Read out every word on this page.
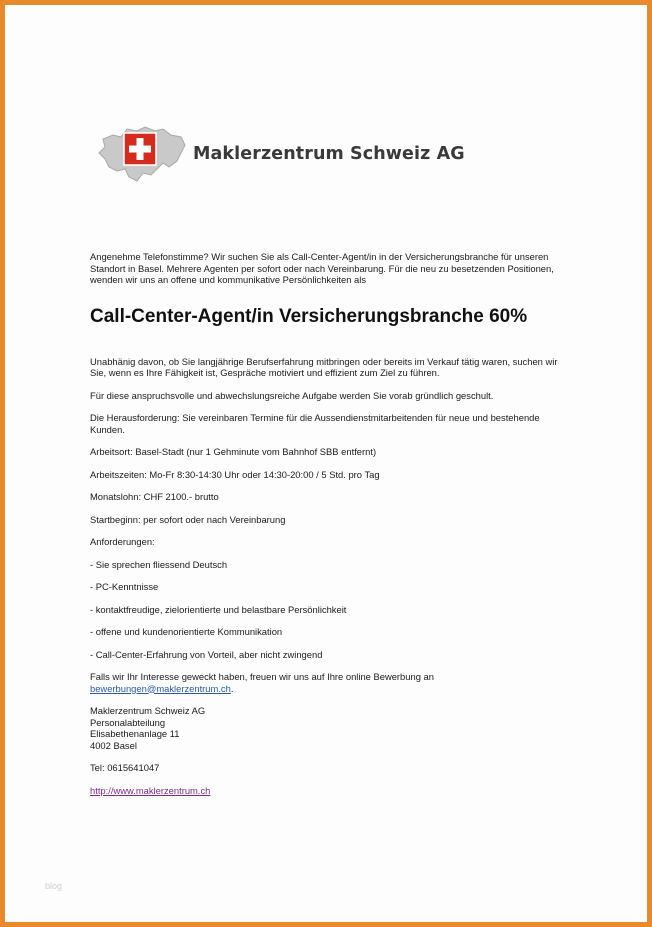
Maklerzentrum Schweiz AG

Angenehme Telefonstimme? Wir suchen Sie als Call-Center-Agent/in in der Versicherungsbranche für unseren Standort in Basel. Mehrere Agenten per sofort oder nach Vereinbarung. Für die neu zu besetzenden Positionen, wenden wir uns an offene und kommunikative Persönlichkeiten als

Call-Center-Agent/in Versicherungsbranche 60%

Unabhänig davon, ob Sie langjährige Berufserfahrung mitbringen oder bereits im Verkauf tätig waren, suchen wir Sie, wenn es Ihre Fähigkeit ist, Gespräche motiviert und effizient zum Ziel zu führen.

Für diese anspruchsvolle und abwechslungsreiche Aufgabe werden Sie vorab gründlich geschult.

Die Herausforderung: Sie vereinbaren Termine für die Aussendienstmitarbeitenden für neue und bestehende Kunden.

Arbeitsort: Basel-Stadt (nur 1 Gehminute vom Bahnhof SBB entfernt)

Arbeitszeiten: Mo-Fr 8:30-14:30 Uhr oder 14:30-20:00 / 5 Std. pro Tag

Monatslohn: CHF 2100.- brutto

Startbeginn: per sofort oder nach Vereinbarung

Anforderungen:

- Sie sprechen fliessend Deutsch

- PC-Kenntnisse

- kontaktfreudige, zielorientierte und belastbare Persönlichkeit

- offene und kundenorientierte Kommunikation

- Call-Center-Erfahrung von Vorteil, aber nicht zwingend

Falls wir Ihr Interesse geweckt haben, freuen wir uns auf Ihre online Bewerbung an
bewerbungen@maklerzentrum.ch.

Maklerzentrum Schweiz AG
Personalabteilung
Elisabethenanlage 11
4002 Basel

Tel: 0615641047

http://www.maklerzentrum.ch

blog
